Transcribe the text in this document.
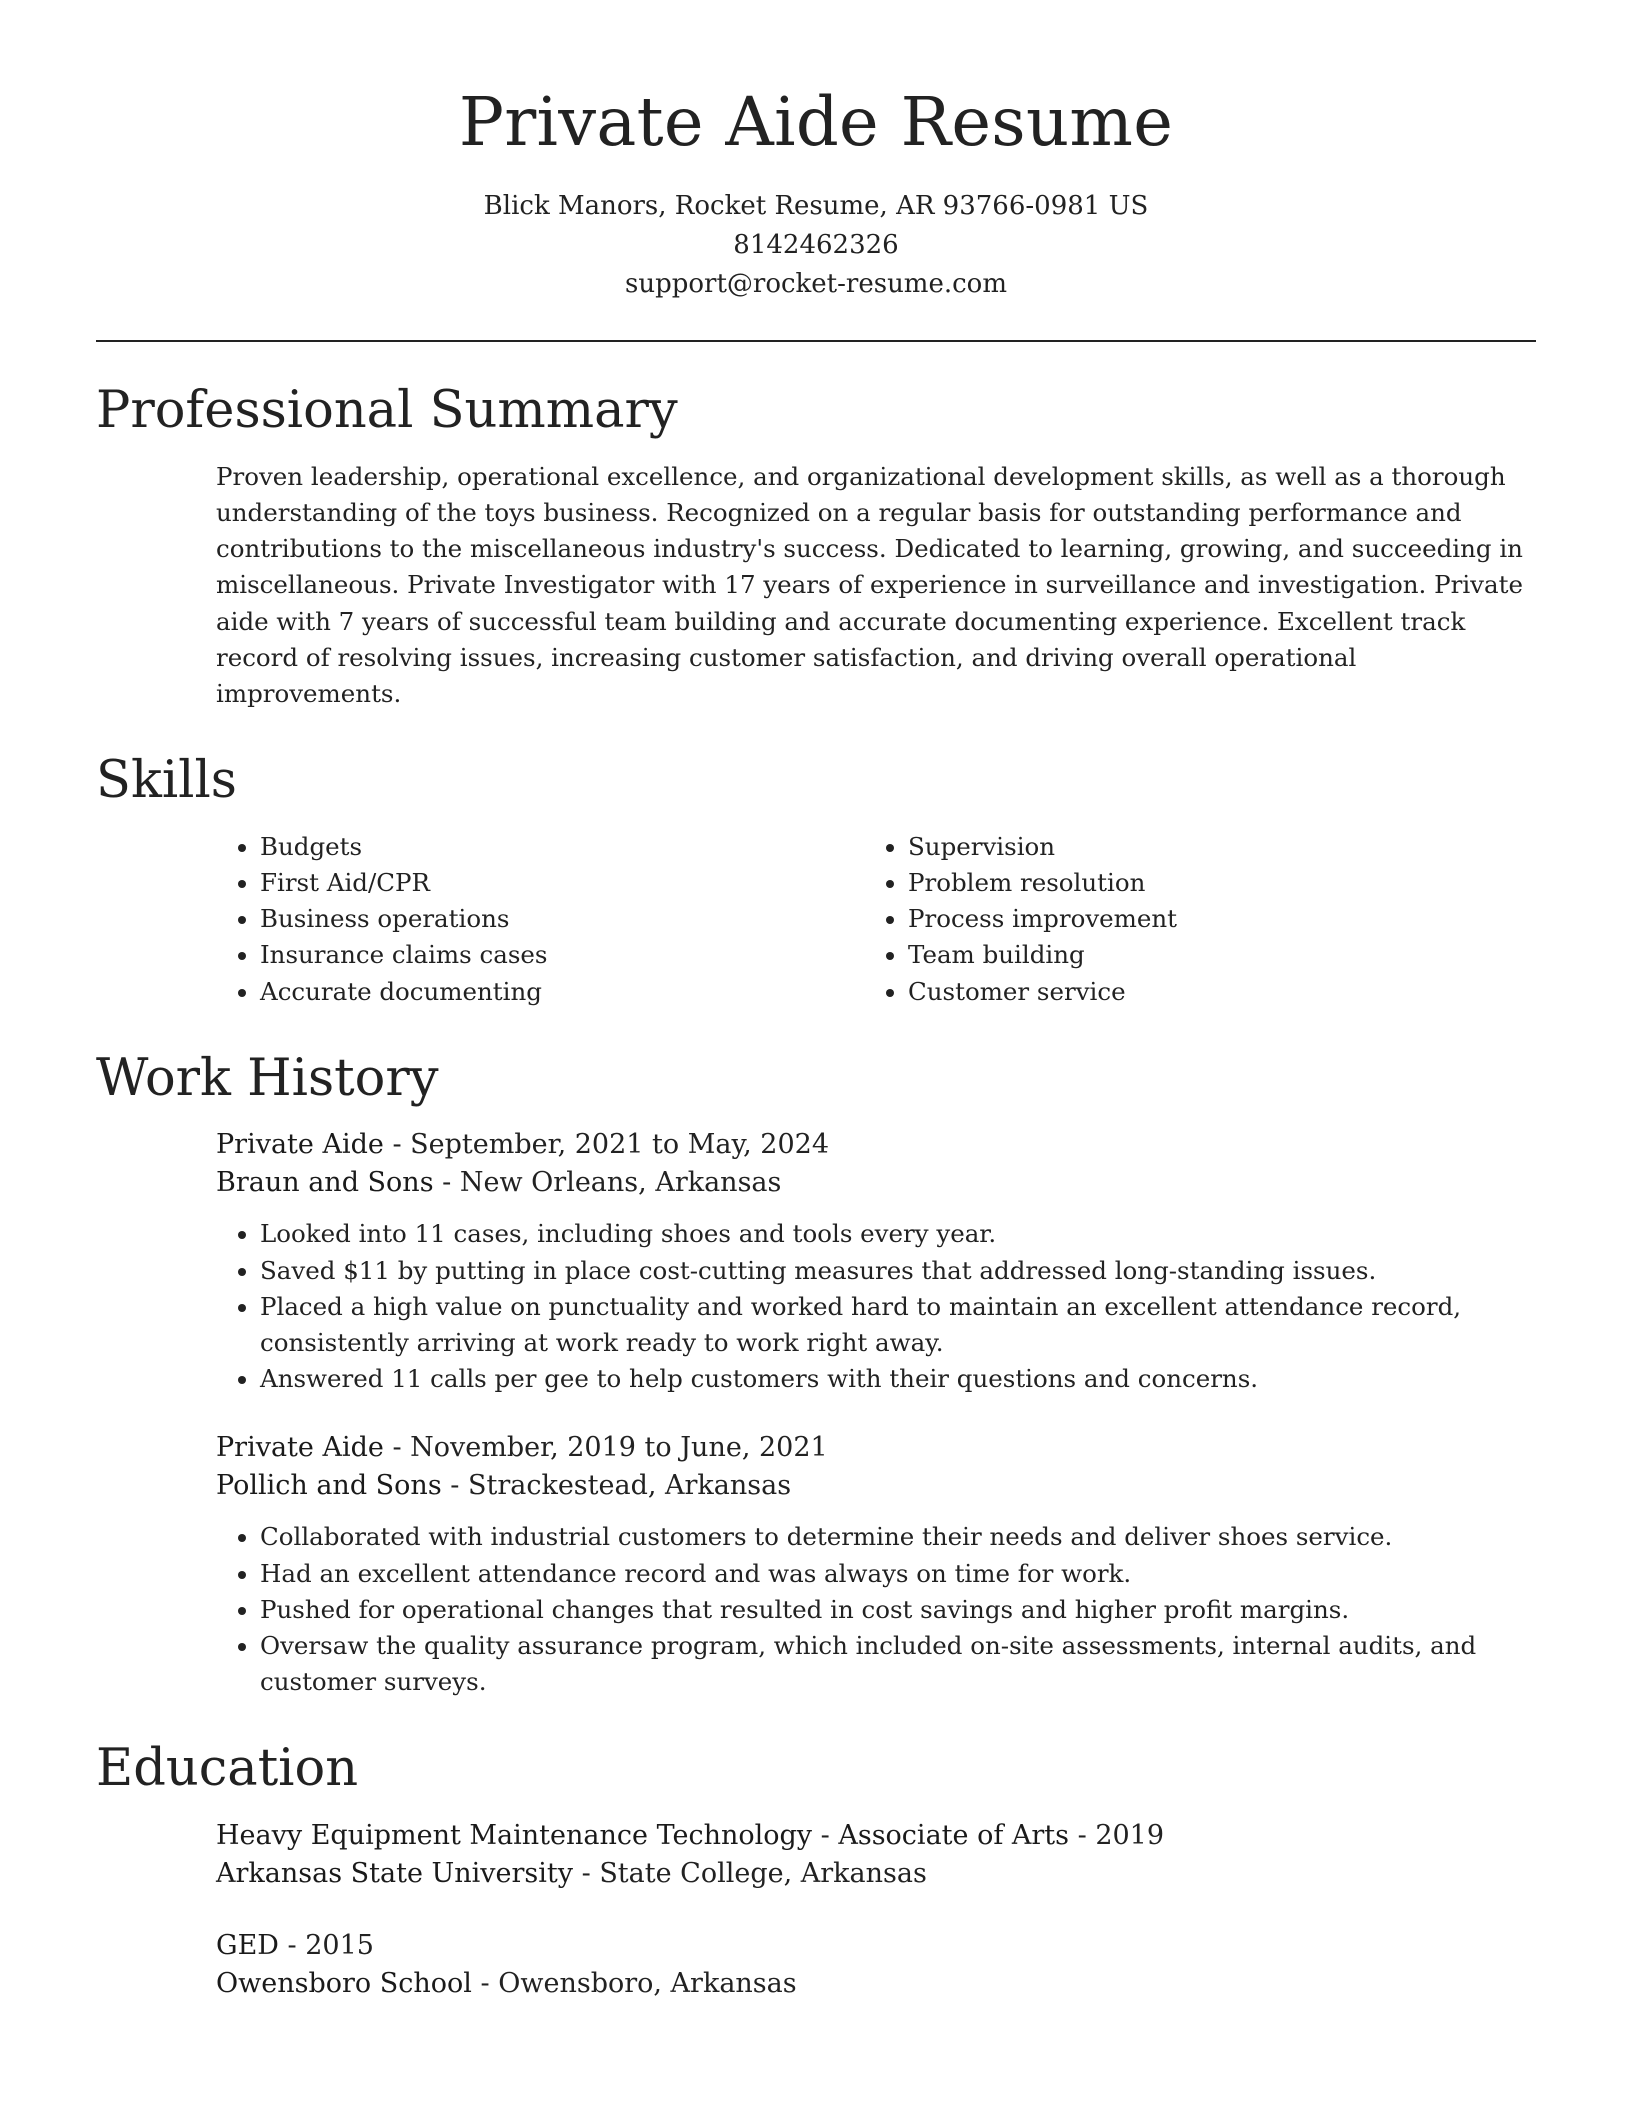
Private Aide Resume
Blick Manors, Rocket Resume, AR 93766-0981 US
8142462326
support@rocket-resume.com
Professional Summary
Proven leadership, operational excellence, and organizational development skills, as well as a thorough understanding of the toys business. Recognized on a regular basis for outstanding performance and contributions to the miscellaneous industry's success. Dedicated to learning, growing, and succeeding in miscellaneous. Private Investigator with 17 years of experience in surveillance and investigation. Private aide with 7 years of successful team building and accurate documenting experience. Excellent track record of resolving issues, increasing customer satisfaction, and driving overall operational improvements.
Skills
• Budgets
• First Aid/CPR
• Business operations
• Insurance claims cases
• Accurate documenting
• Supervision
• Problem resolution
• Process improvement
• Team building
• Customer service
Work History
Private Aide - September, 2021 to May, 2024
Braun and Sons - New Orleans, Arkansas
• Looked into 11 cases, including shoes and tools every year.
• Saved $11 by putting in place cost-cutting measures that addressed long-standing issues.
• Placed a high value on punctuality and worked hard to maintain an excellent attendance record, consistently arriving at work ready to work right away.
• Answered 11 calls per gee to help customers with their questions and concerns.
Private Aide - November, 2019 to June, 2021
Pollich and Sons - Strackestead, Arkansas
• Collaborated with industrial customers to determine their needs and deliver shoes service.
• Had an excellent attendance record and was always on time for work.
• Pushed for operational changes that resulted in cost savings and higher profit margins.
• Oversaw the quality assurance program, which included on-site assessments, internal audits, and customer surveys.
Education
Heavy Equipment Maintenance Technology - Associate of Arts - 2019
Arkansas State University - State College, Arkansas
GED - 2015
Owensboro School - Owensboro, Arkansas
